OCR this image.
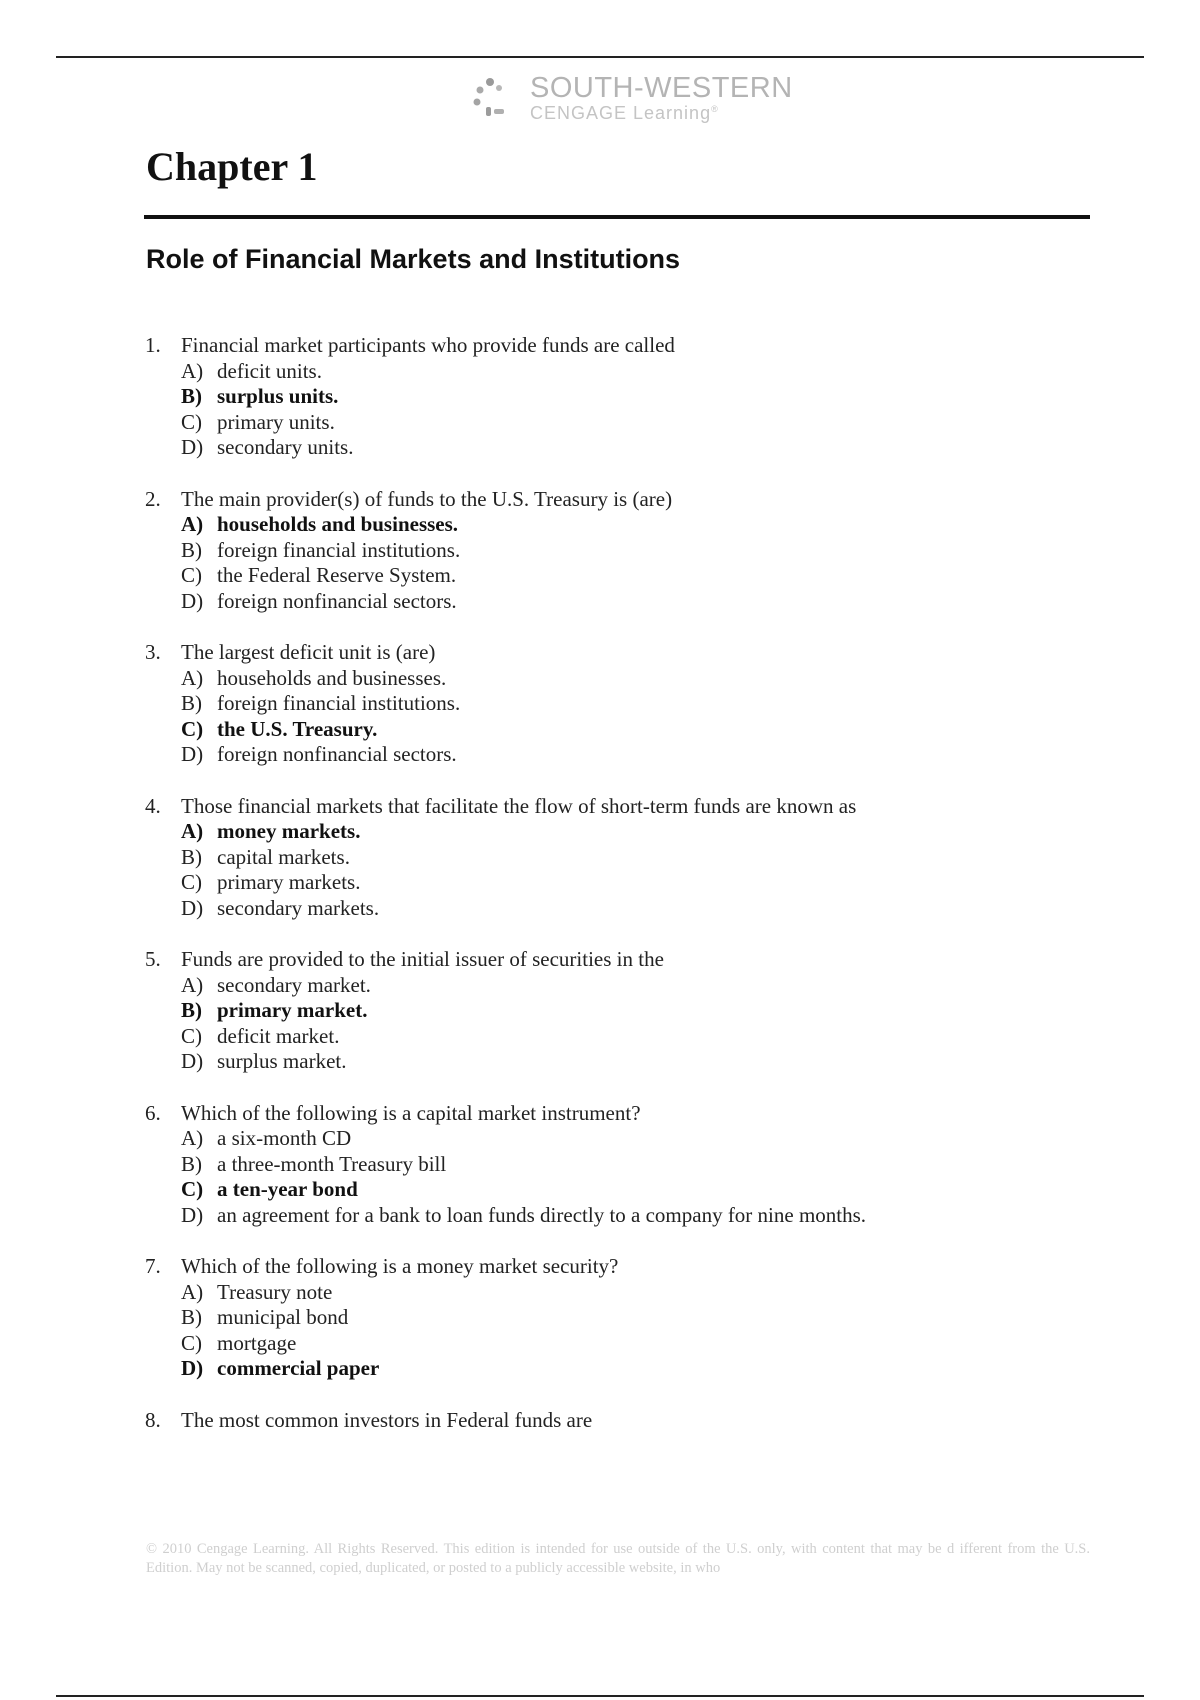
SOUTH-WESTERN
CENGAGE Learning®
Chapter 1
Role of Financial Markets and Institutions
1. Financial market participants who provide funds are called
A) deficit units.
B) surplus units.
C) primary units.
D) secondary units.
2. The main provider(s) of funds to the U.S. Treasury is (are)
A) households and businesses.
B) foreign financial institutions.
C) the Federal Reserve System.
D) foreign nonfinancial sectors.
3. The largest deficit unit is (are)
A) households and businesses.
B) foreign financial institutions.
C) the U.S. Treasury.
D) foreign nonfinancial sectors.
4. Those financial markets that facilitate the flow of short-term funds are known as
A) money markets.
B) capital markets.
C) primary markets.
D) secondary markets.
5. Funds are provided to the initial issuer of securities in the
A) secondary market.
B) primary market.
C) deficit market.
D) surplus market.
6. Which of the following is a capital market instrument?
A) a six-month CD
B) a three-month Treasury bill
C) a ten-year bond
D) an agreement for a bank to loan funds directly to a company for nine months.
7. Which of the following is a money market security?
A) Treasury note
B) municipal bond
C) mortgage
D) commercial paper
8. The most common investors in Federal funds are
© 2010 Cengage Learning. All Rights Reserved. This edition is intended for use outside of the U.S. only, with content that may be d ifferent from the U.S. Edition. May not be scanned, copied, duplicated, or posted to a publicly accessible website, in who
